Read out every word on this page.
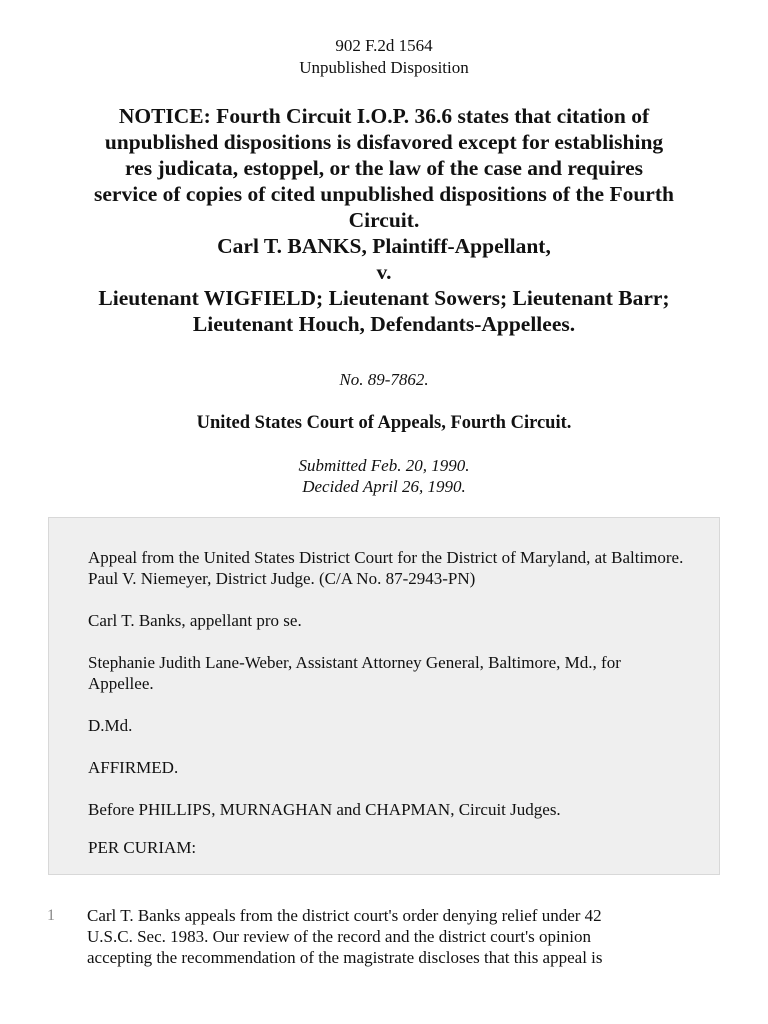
902 F.2d 1564
Unpublished Disposition
NOTICE: Fourth Circuit I.O.P. 36.6 states that citation of
unpublished dispositions is disfavored except for establishing
res judicata, estoppel, or the law of the case and requires
service of copies of cited unpublished dispositions of the Fourth
Circuit.
Carl T. BANKS, Plaintiff-Appellant,
v.
Lieutenant WIGFIELD; Lieutenant Sowers; Lieutenant Barr;
Lieutenant Houch, Defendants-Appellees.
No. 89-7862.
United States Court of Appeals, Fourth Circuit.
Submitted Feb. 20, 1990.
Decided April 26, 1990.

Appeal from the United States District Court for the District of Maryland, at Baltimore. Paul V. Niemeyer, District Judge. (C/A No. 87-2943-PN)

Carl T. Banks, appellant pro se.

Stephanie Judith Lane-Weber, Assistant Attorney General, Baltimore, Md., for Appellee.

D.Md.

AFFIRMED.

Before PHILLIPS, MURNAGHAN and CHAPMAN, Circuit Judges.

PER CURIAM:

1	Carl T. Banks appeals from the district court's order denying relief under 42
U.S.C. Sec. 1983. Our review of the record and the district court's opinion
accepting the recommendation of the magistrate discloses that this appeal is
